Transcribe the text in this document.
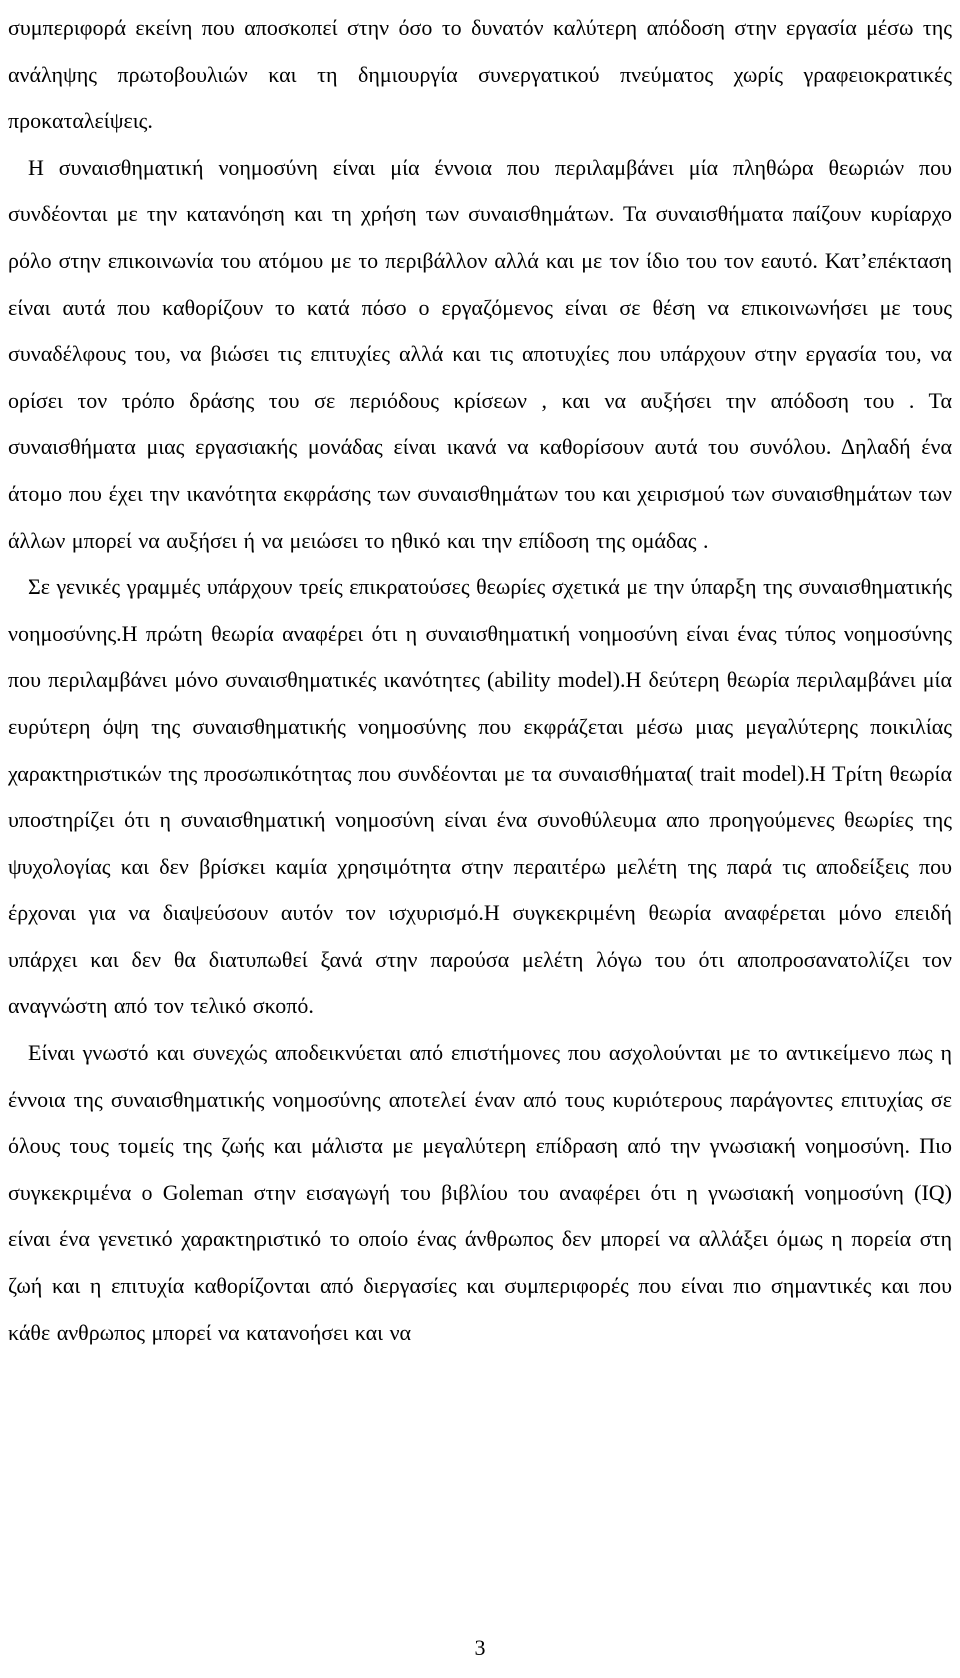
συμπεριφορά εκείνη που αποσκοπεί στην όσο το δυνατόν καλύτερη απόδοση στην εργασία μέσω της ανάληψης πρωτοβουλιών και τη δημιουργία συνεργατικού πνεύματος χωρίς γραφειοκρατικές προκαταλείψεις.

Η συναισθηματική νοημοσύνη είναι μία έννοια που περιλαμβάνει μία πληθώρα θεωριών που συνδέονται με την κατανόηση και τη χρήση των συναισθημάτων. Τα συναισθήματα παίζουν κυρίαρχο ρόλο στην επικοινωνία του ατόμου με το περιβάλλον αλλά και με τον ίδιο του τον εαυτό. Κατ’επέκταση είναι αυτά που καθορίζουν το κατά πόσο ο εργαζόμενος είναι σε θέση να επικοινωνήσει με τους συναδέλφους του, να βιώσει τις επιτυχίες αλλά και τις αποτυχίες που υπάρχουν στην εργασία του, να ορίσει τον τρόπο δράσης του σε περιόδους κρίσεων , και να αυξήσει την απόδοση του . Τα συναισθήματα μιας εργασιακής μονάδας είναι ικανά να καθορίσουν αυτά του συνόλου. Δηλαδή ένα άτομο που έχει την ικανότητα εκφράσης των συναισθημάτων του και χειρισμού των συναισθημάτων των άλλων μπορεί να αυξήσει ή να μειώσει το ηθικό και την επίδοση της ομάδας .

Σε γενικές γραμμές υπάρχουν τρείς επικρατούσες θεωρίες σχετικά με την ύπαρξη της συναισθηματικής νοημοσύνης.Η πρώτη θεωρία αναφέρει ότι η συναισθηματική νοημοσύνη είναι ένας τύπος νοημοσύνης που περιλαμβάνει μόνο συναισθηματικές ικανότητες (ability model).Η δεύτερη θεωρία περιλαμβάνει μία ευρύτερη όψη της συναισθηματικής νοημοσύνης που εκφράζεται μέσω μιας μεγαλύτερης ποικιλίας χαρακτηριστικών της προσωπικότητας που συνδέονται με τα συναισθήματα( trait model).Η Τρίτη θεωρία υποστηρίζει ότι η συναισθηματική νοημοσύνη είναι ένα συνοθύλευμα απο προηγούμενες θεωρίες της ψυχολογίας και δεν βρίσκει καμία χρησιμότητα στην περαιτέρω μελέτη της παρά τις αποδείξεις που έρχοναι για να διαψεύσουν αυτόν τον ισχυρισμό.Η συγκεκριμένη θεωρία αναφέρεται μόνο επειδή υπάρχει και δεν θα διατυπωθεί ξανά στην παρούσα μελέτη λόγω του ότι αποπροσανατολίζει τον αναγνώστη από τον τελικό σκοπό.

Είναι γνωστό και συνεχώς αποδεικνύεται από επιστήμονες που ασχολούνται με το αντικείμενο πως η έννοια της συναισθηματικής νοημοσύνης αποτελεί έναν από τους κυριότερους παράγοντες επιτυχίας σε όλους τους τομείς της ζωής και μάλιστα με μεγαλύτερη επίδραση από την γνωσιακή νοημοσύνη. Πιο συγκεκριμένα ο Goleman στην εισαγωγή του βιβλίου του αναφέρει ότι η γνωσιακή νοημοσύνη (IQ) είναι ένα γενετικό χαρακτηριστικό το οποίο ένας άνθρωπος δεν μπορεί να αλλάξει όμως η πορεία στη ζωή και η επιτυχία καθορίζονται από διεργασίες και συμπεριφορές που είναι πιο σημαντικές και που κάθε ανθρωπος μπορεί να κατανοήσει και να

3
